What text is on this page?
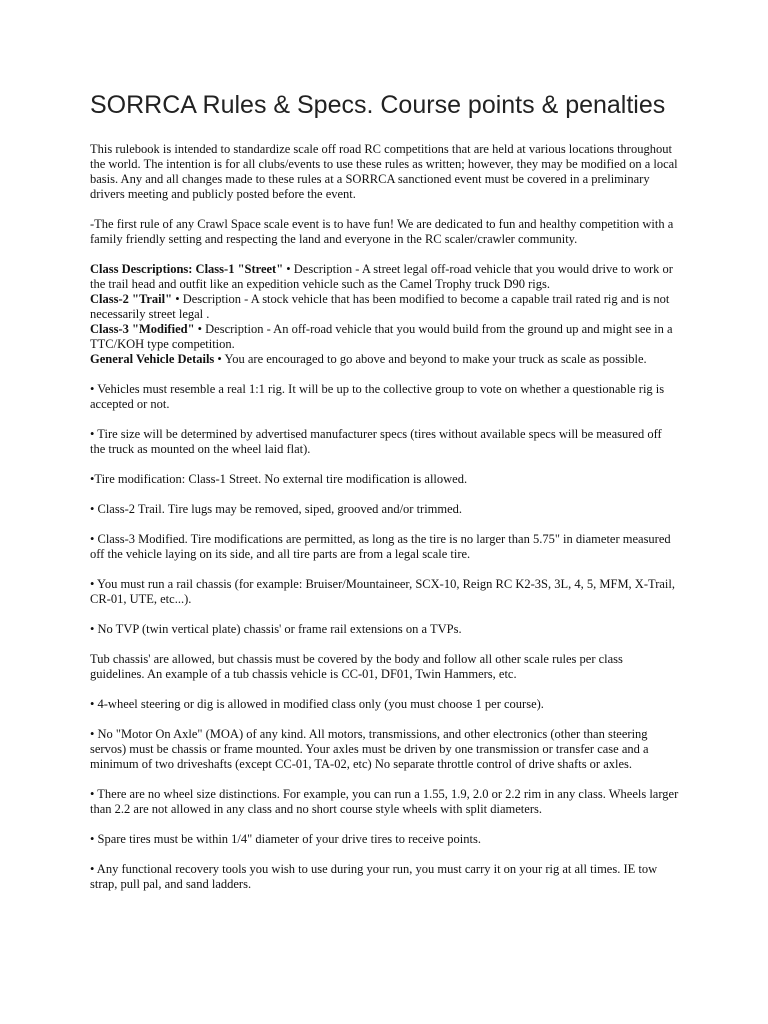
SORRCA Rules & Specs. Course points & penalties

This rulebook is intended to standardize scale off road RC competitions that are held at various locations throughout the world. The intention is for all clubs/events to use these rules as written; however, they may be modified on a local basis. Any and all changes made to these rules at a SORRCA sanctioned event must be covered in a preliminary drivers meeting and publicly posted before the event.

-The first rule of any Crawl Space scale event is to have fun! We are dedicated to fun and healthy competition with a family friendly setting and respecting the land and everyone in the RC scaler/crawler community.

Class Descriptions: Class-1 "Street" • Description - A street legal off-road vehicle that you would drive to work or the trail head and outfit like an expedition vehicle such as the Camel Trophy truck D90 rigs.

Class-2 "Trail" • Description - A stock vehicle that has been modified to become a capable trail rated rig and is not necessarily street legal .

Class-3 "Modified" • Description - An off-road vehicle that you would build from the ground up and might see in a TTC/KOH type competition.

General Vehicle Details • You are encouraged to go above and beyond to make your truck as scale as possible.

• Vehicles must resemble a real 1:1 rig. It will be up to the collective group to vote on whether a questionable rig is accepted or not.

• Tire size will be determined by advertised manufacturer specs (tires without available specs will be measured off the truck as mounted on the wheel laid flat).

•Tire modification: Class-1 Street. No external tire modification is allowed.

• Class-2 Trail. Tire lugs may be removed, siped, grooved and/or trimmed.

• Class-3 Modified. Tire modifications are permitted, as long as the tire is no larger than 5.75" in diameter measured off the vehicle laying on its side, and all tire parts are from a legal scale tire.

• You must run a rail chassis (for example: Bruiser/Mountaineer, SCX-10, Reign RC K2-3S, 3L, 4, 5, MFM, X-Trail, CR-01, UTE, etc...).

• No TVP (twin vertical plate) chassis' or frame rail extensions on a TVPs.

Tub chassis' are allowed, but chassis must be covered by the body and follow all other scale rules per class guidelines. An example of a tub chassis vehicle is CC-01, DF01, Twin Hammers, etc.

• 4-wheel steering or dig is allowed in modified class only (you must choose 1 per course).

• No "Motor On Axle" (MOA) of any kind. All motors, transmissions, and other electronics (other than steering servos) must be chassis or frame mounted. Your axles must be driven by one transmission or transfer case and a minimum of two driveshafts (except CC-01, TA-02, etc) No separate throttle control of drive shafts or axles.

• There are no wheel size distinctions. For example, you can run a 1.55, 1.9, 2.0 or 2.2 rim in any class. Wheels larger than 2.2 are not allowed in any class and no short course style wheels with split diameters.

• Spare tires must be within 1/4" diameter of your drive tires to receive points.

• Any functional recovery tools you wish to use during your run, you must carry it on your rig at all times. IE tow strap, pull pal, and sand ladders.
